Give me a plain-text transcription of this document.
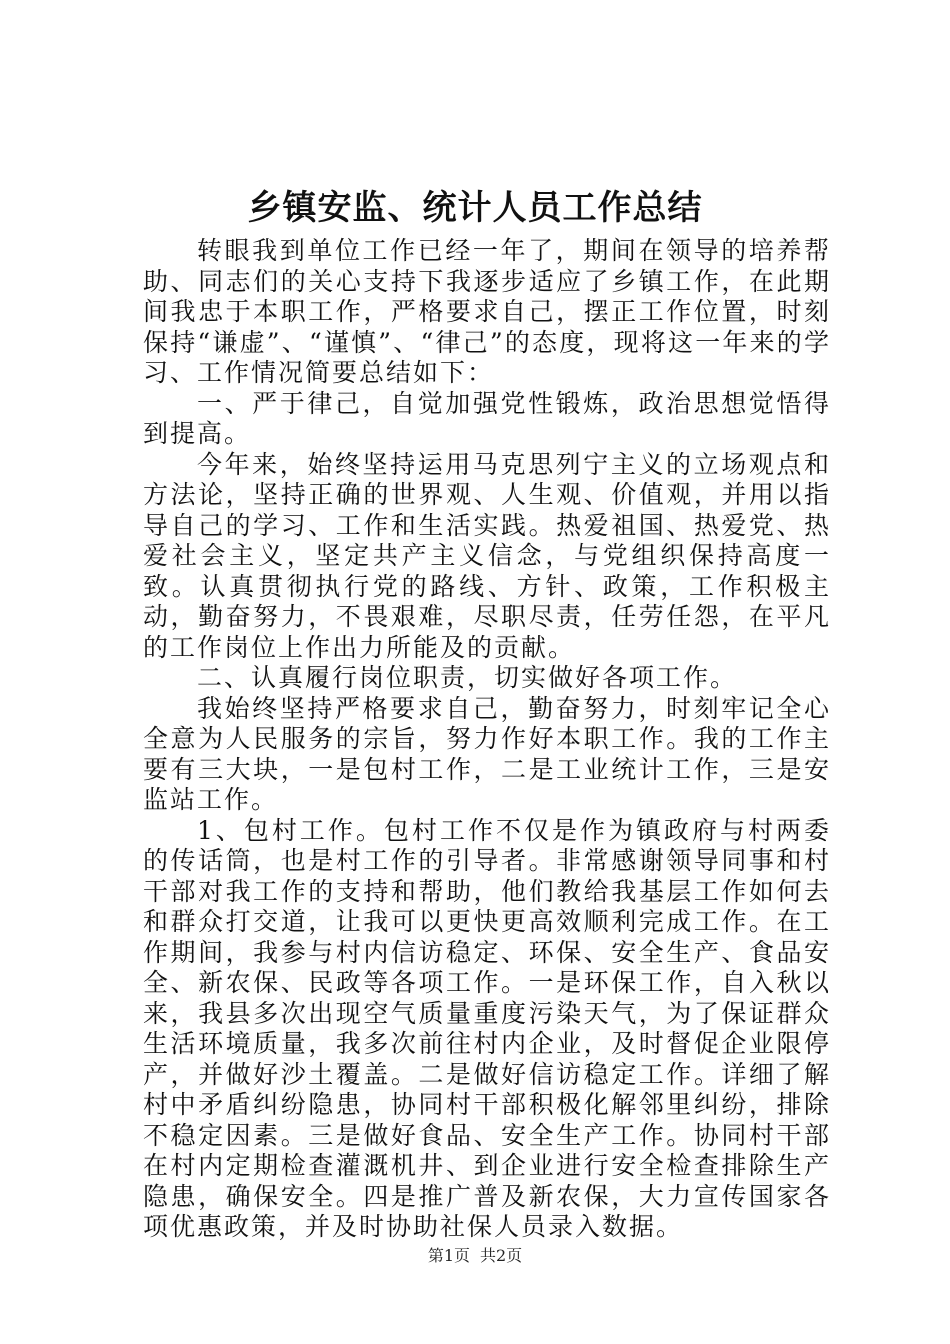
乡镇安监、统计人员工作总结

转眼我到单位工作已经一年了，期间在领导的培养帮助、同志们的关心支持下我逐步适应了乡镇工作，在此期间我忠于本职工作，严格要求自己，摆正工作位置，时刻保持“谦虚”、“谨慎”、“律己”的态度，现将这一年来的学习、工作情况简要总结如下：

一、严于律己，自觉加强党性锻炼，政治思想觉悟得到提高。

今年来，始终坚持运用马克思列宁主义的立场观点和方法论，坚持正确的世界观、人生观、价值观，并用以指导自己的学习、工作和生活实践。热爱祖国、热爱党、热爱社会主义，坚定共产主义信念，与党组织保持高度一致。认真贯彻执行党的路线、方针、政策，工作积极主动，勤奋努力，不畏艰难，尽职尽责，任劳任怨，在平凡的工作岗位上作出力所能及的贡献。

二、认真履行岗位职责，切实做好各项工作。

我始终坚持严格要求自己，勤奋努力，时刻牢记全心全意为人民服务的宗旨，努力作好本职工作。我的工作主要有三大块，一是包村工作，二是工业统计工作，三是安监站工作。

1、包村工作。包村工作不仅是作为镇政府与村两委的传话筒，也是村工作的引导者。非常感谢领导同事和村干部对我工作的支持和帮助，他们教给我基层工作如何去和群众打交道，让我可以更快更高效顺利完成工作。在工作期间，我参与村内信访稳定、环保、安全生产、食品安全、新农保、民政等各项工作。一是环保工作，自入秋以来，我县多次出现空气质量重度污染天气，为了保证群众生活环境质量，我多次前往村内企业，及时督促企业限停产，并做好沙土覆盖。二是做好信访稳定工作。详细了解村中矛盾纠纷隐患，协同村干部积极化解邻里纠纷，排除不稳定因素。三是做好食品、安全生产工作。协同村干部在村内定期检查灌溉机井、到企业进行安全检查排除生产隐患，确保安全。四是推广普及新农保，大力宣传国家各项优惠政策，并及时协助社保人员录入数据。

第1页 共2页
